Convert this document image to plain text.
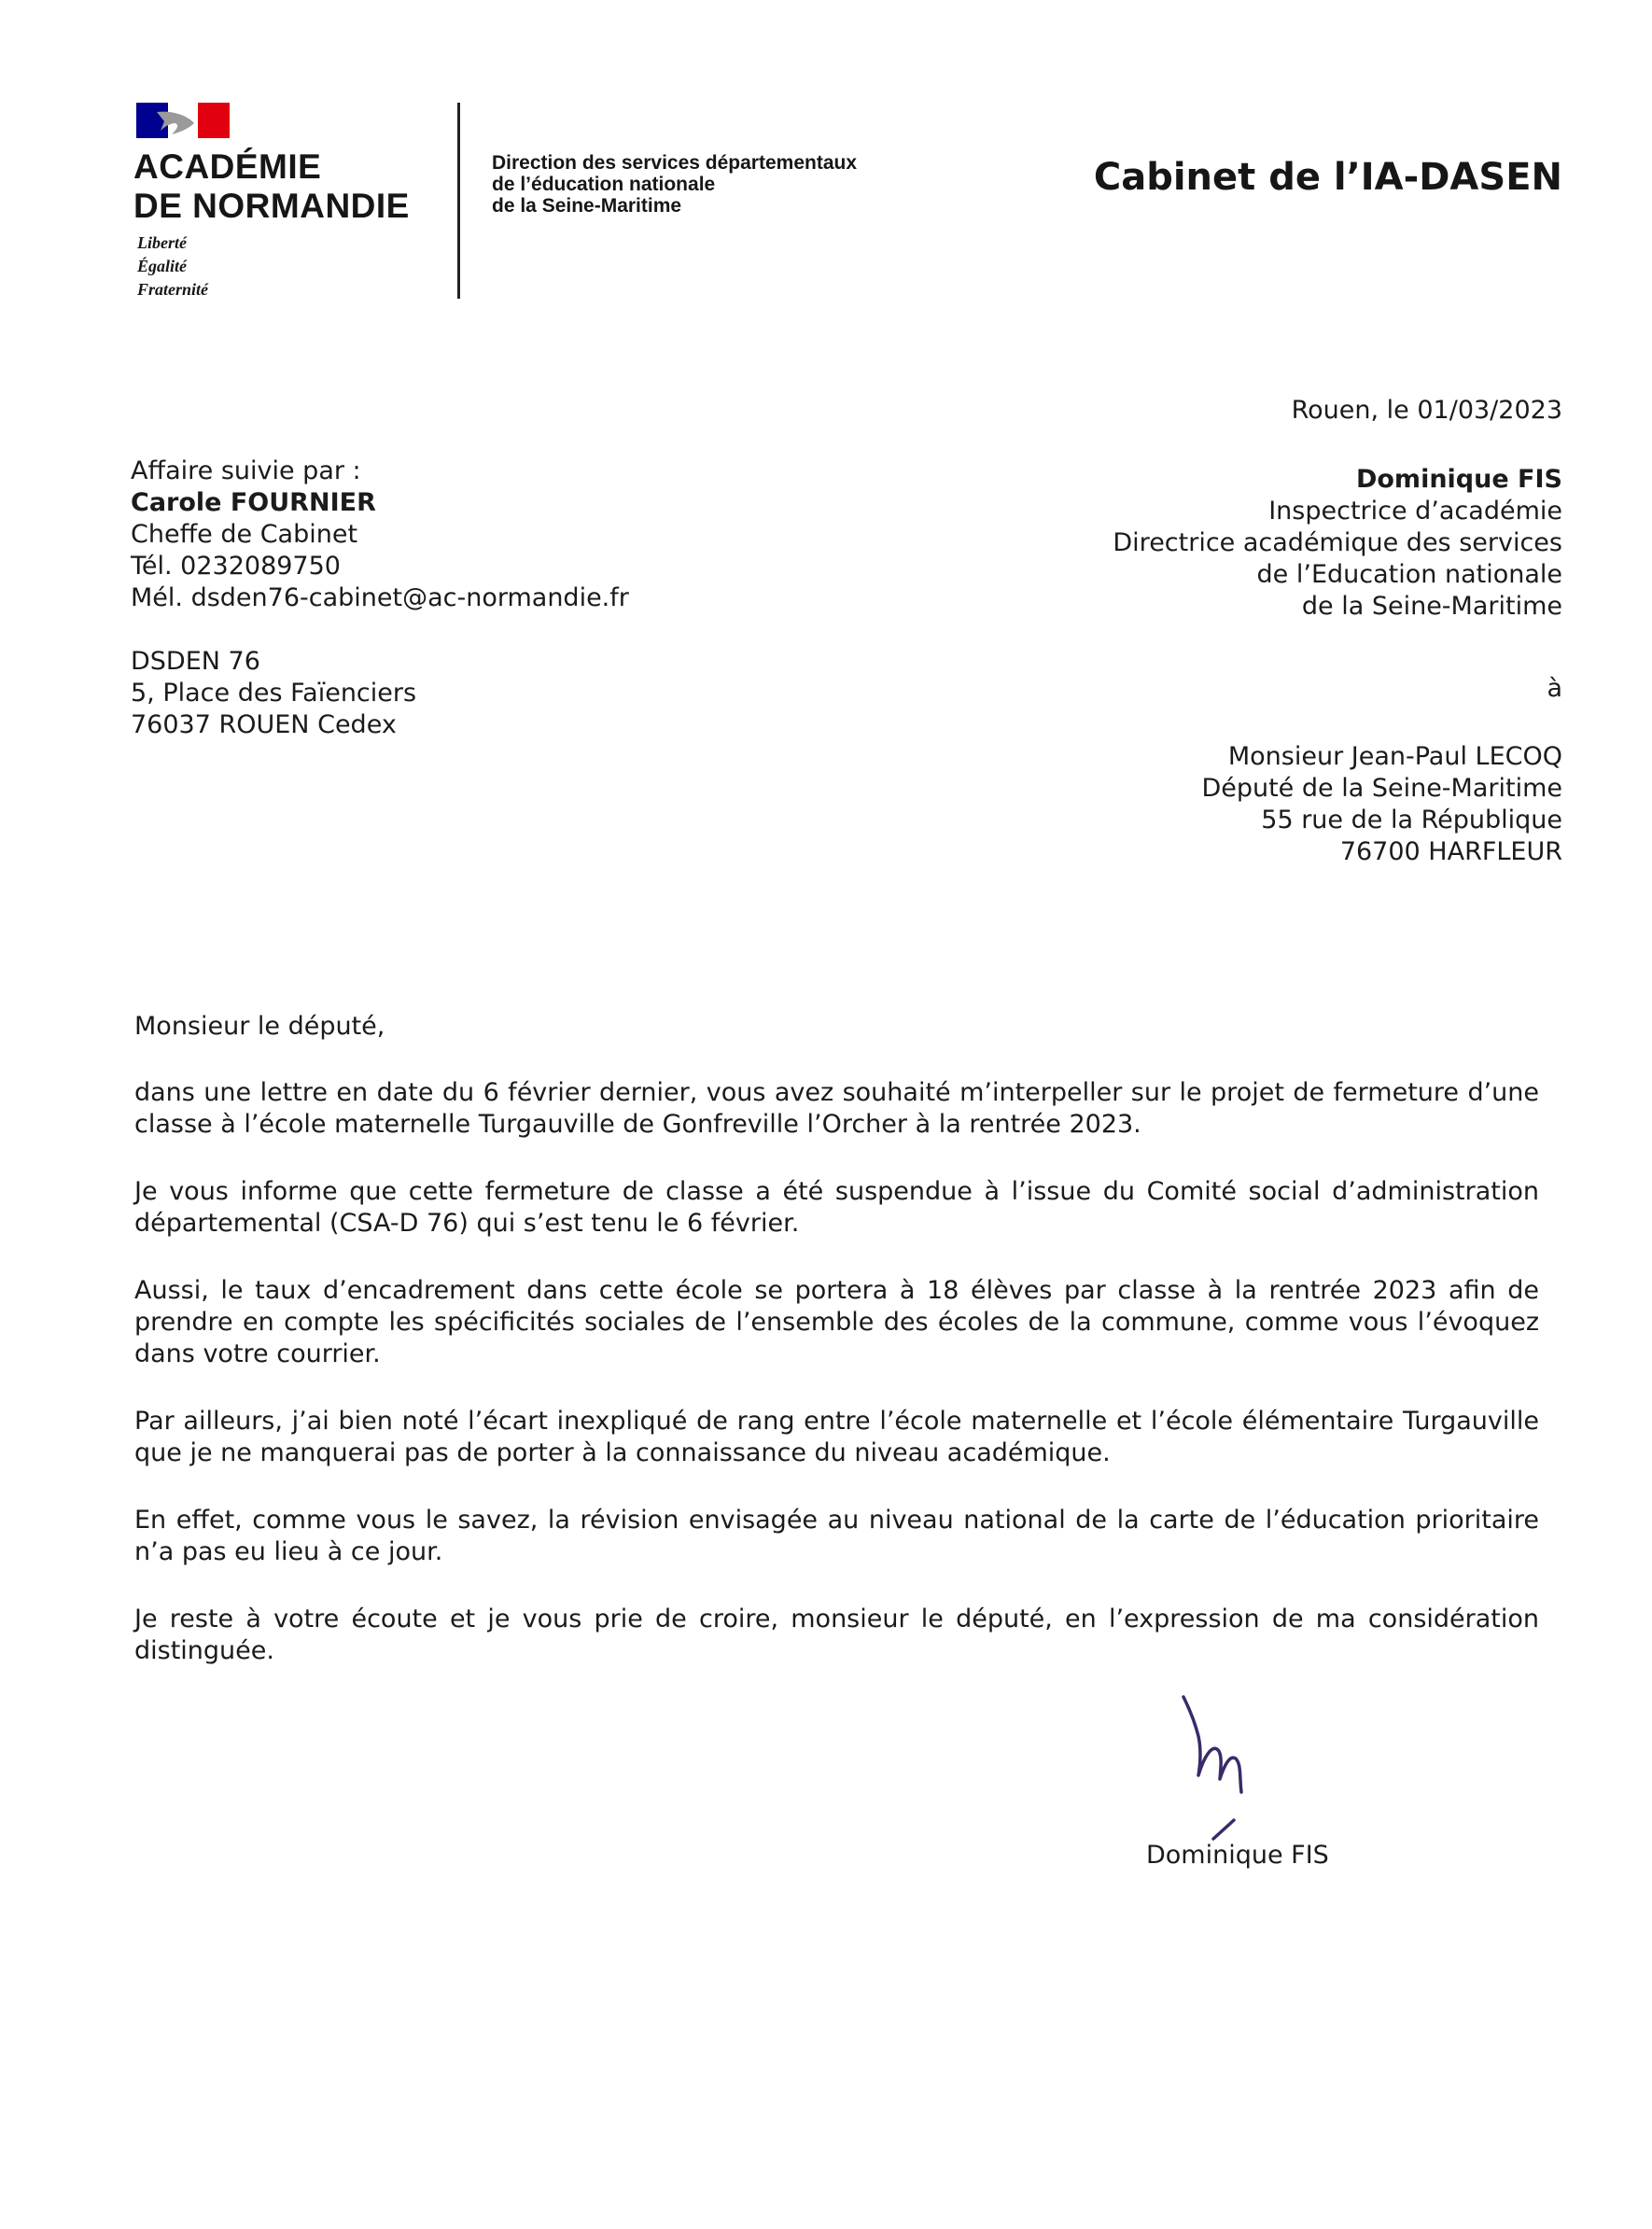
ACADÉMIE
DE NORMANDIE
Liberté
Égalité
Fraternité
Direction des services départementaux
de l’éducation nationale
de la Seine-Maritime
Cabinet de l’IA-DASEN
Rouen, le 01/03/2023
Affaire suivie par :
Carole FOURNIER
Cheffe de Cabinet
Tél. 0232089750
Mél. dsden76-cabinet@ac-normandie.fr
DSDEN 76
5, Place des Faïenciers
76037 ROUEN Cedex
Dominique FIS
Inspectrice d’académie
Directrice académique des services
de l’Education nationale
de la Seine-Maritime
à
Monsieur Jean-Paul LECOQ
Député de la Seine-Maritime
55 rue de la République
76700 HARFLEUR

Monsieur le député,

dans une lettre en date du 6 février dernier, vous avez souhaité m’interpeller sur le projet de fermeture d’une classe à l’école maternelle Turgauville de Gonfreville l’Orcher à la rentrée 2023.

Je vous informe que cette fermeture de classe a été suspendue à l’issue du Comité social d’administration départemental (CSA-D 76) qui s’est tenu le 6 février.

Aussi, le taux d’encadrement dans cette école se portera à 18 élèves par classe à la rentrée 2023 afin de prendre en compte les spécificités sociales de l’ensemble des écoles de la commune, comme vous l’évoquez dans votre courrier.

Par ailleurs, j’ai bien noté l’écart inexpliqué de rang entre l’école maternelle et l’école élémentaire Turgauville que je ne manquerai pas de porter à la connaissance du niveau académique.

En effet, comme vous le savez, la révision envisagée au niveau national de la carte de l’éducation prioritaire n’a pas eu lieu à ce jour.

Je reste à votre écoute et je vous prie de croire, monsieur le député, en l’expression de ma considération distinguée.

Dominique FIS
